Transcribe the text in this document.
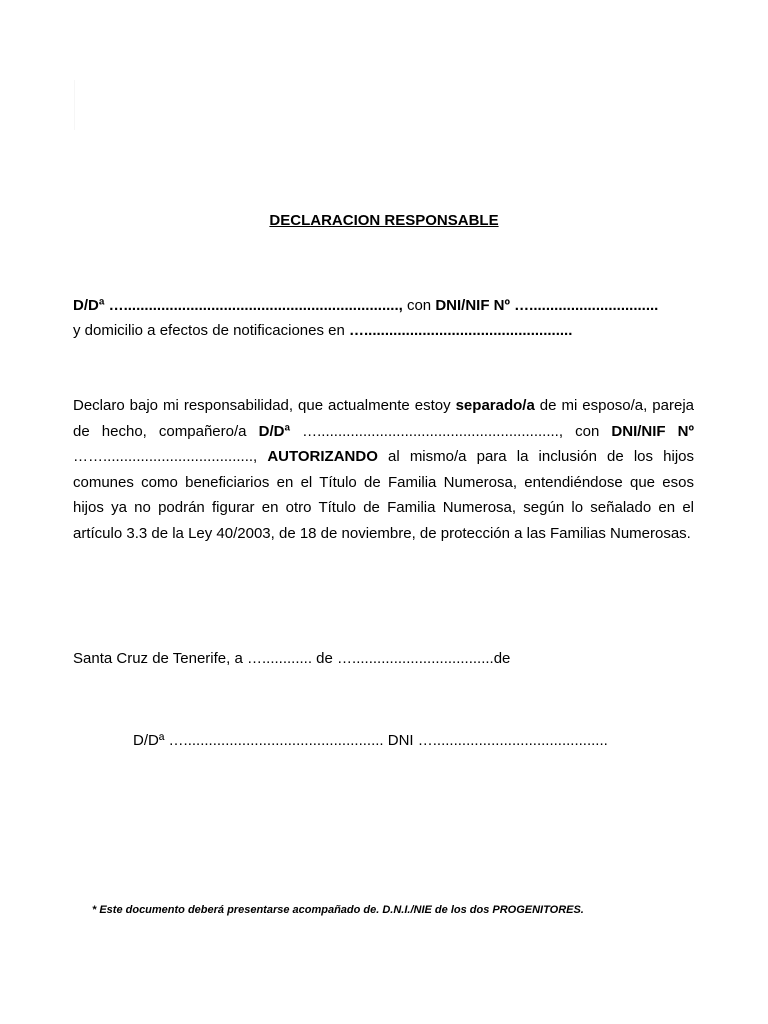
DECLARACION RESPONSABLE
D/Dª ….................................................................., con DNI/NIF Nº …...............................
y domicilio a efectos de notificaciones en …..................................................
Declaro bajo mi responsabilidad, que actualmente estoy separado/a de mi esposo/a, pareja de hecho, compañero/a D/Dª ….........................................................., con DNI/NIF Nº ……...................................., AUTORIZANDO al mismo/a para la inclusión de los hijos comunes como beneficiarios en el Título de Familia Numerosa, entendiéndose que esos hijos ya no podrán figurar en otro Título de Familia Numerosa, según lo señalado en el artículo 3.3 de la Ley 40/2003, de 18 de noviembre, de protección a las Familias Numerosas.
Santa Cruz de Tenerife, a …............ de …..................................de
D/Dª …................................................ DNI …..........................................
* Este documento deberá presentarse acompañado de. D.N.I./NIE de los dos PROGENITORES.
